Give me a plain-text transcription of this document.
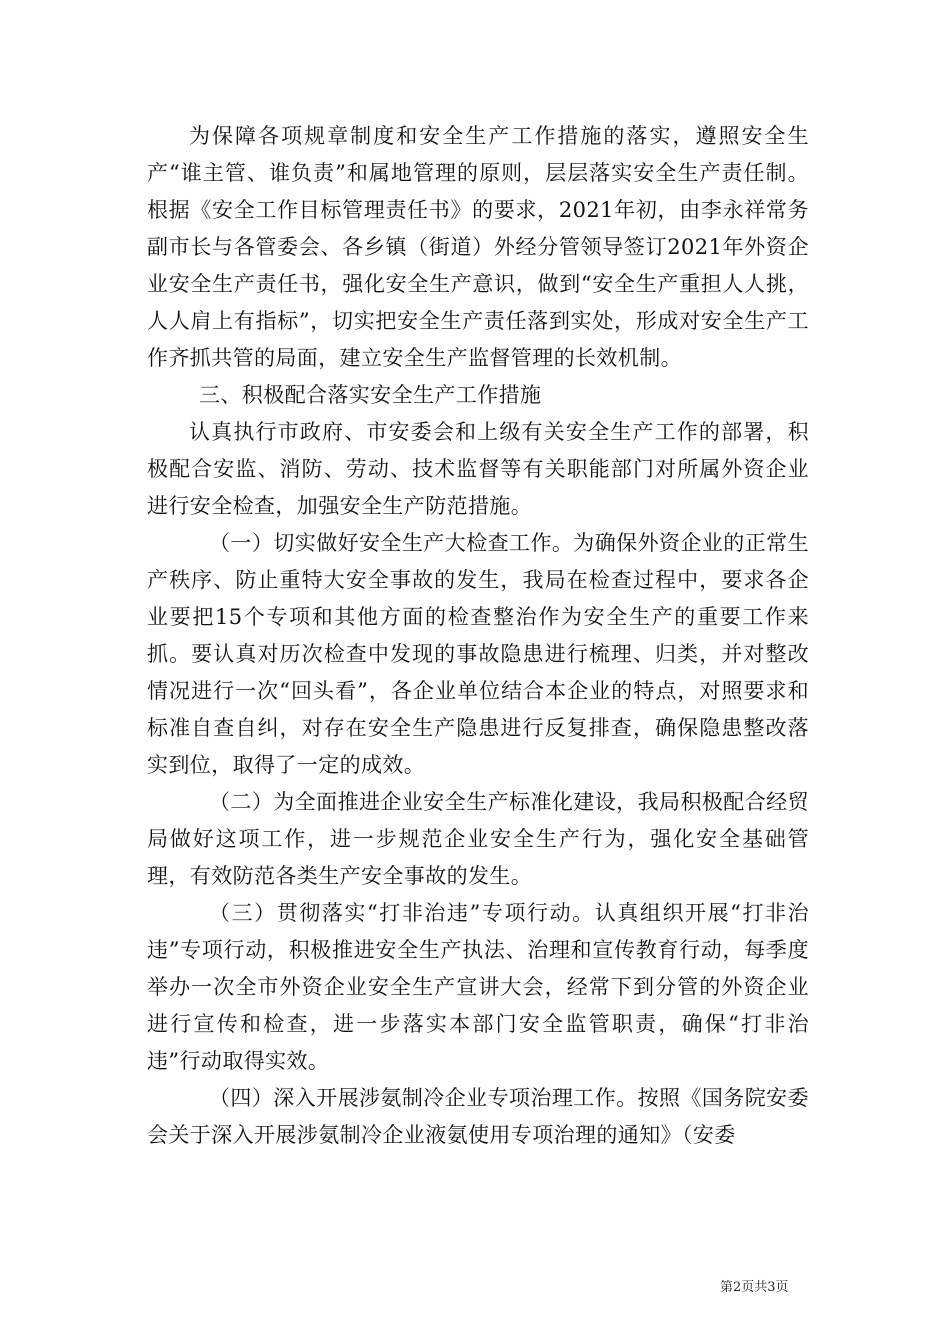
为保障各项规章制度和安全生产工作措施的落实，遵照安全生产“谁主管、谁负责”和属地管理的原则，层层落实安全生产责任制。根据《安全工作目标管理责任书》的要求，2021年初，由李永祥常务副市长与各管委会、各乡镇（街道）外经分管领导签订2021年外资企业安全生产责任书，强化安全生产意识，做到“安全生产重担人人挑，人人肩上有指标”，切实把安全生产责任落到实处，形成对安全生产工作齐抓共管的局面，建立安全生产监督管理的长效机制。

三、积极配合落实安全生产工作措施

认真执行市政府、市安委会和上级有关安全生产工作的部署，积极配合安监、消防、劳动、技术监督等有关职能部门对所属外资企业进行安全检查，加强安全生产防范措施。

（一）切实做好安全生产大检查工作。为确保外资企业的正常生产秩序、防止重特大安全事故的发生，我局在检查过程中，要求各企业要把15个专项和其他方面的检查整治作为安全生产的重要工作来抓。要认真对历次检查中发现的事故隐患进行梳理、归类，并对整改情况进行一次“回头看”，各企业单位结合本企业的特点，对照要求和标准自查自纠，对存在安全生产隐患进行反复排查，确保隐患整改落实到位，取得了一定的成效。

（二）为全面推进企业安全生产标准化建设，我局积极配合经贸局做好这项工作，进一步规范企业安全生产行为，强化安全基础管理，有效防范各类生产安全事故的发生。

（三）贯彻落实“打非治违”专项行动。认真组织开展“打非治违”专项行动，积极推进安全生产执法、治理和宣传教育行动，每季度举办一次全市外资企业安全生产宣讲大会，经常下到分管的外资企业进行宣传和检查，进一步落实本部门安全监管职责，确保“打非治违”行动取得实效。

（四）深入开展涉氨制冷企业专项治理工作。按照《国务院安委会关于深入开展涉氨制冷企业液氨使用专项治理的通知》（安委

第2页共3页
